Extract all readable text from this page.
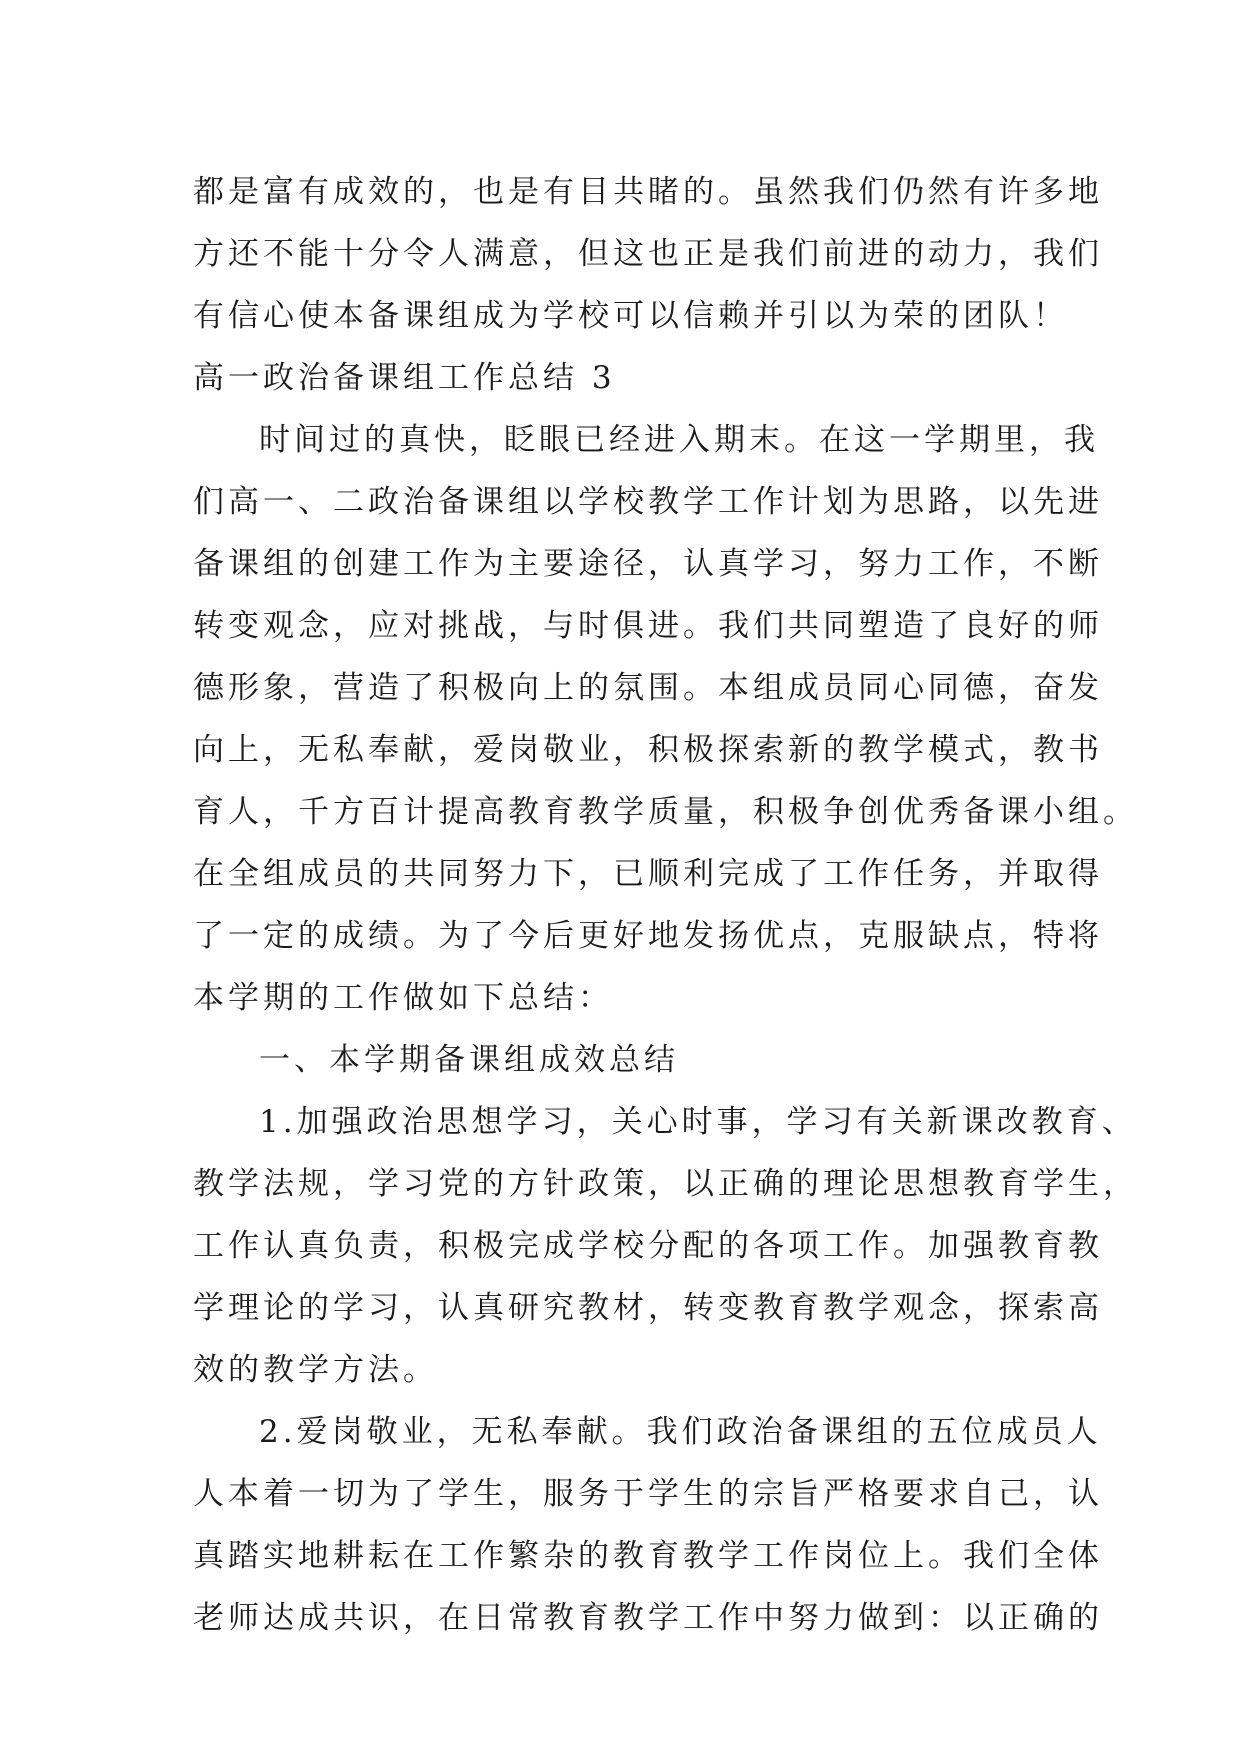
都是富有成效的，也是有目共睹的。虽然我们仍然有许多地
方还不能十分令人满意，但这也正是我们前进的动力，我们
有信心使本备课组成为学校可以信赖并引以为荣的团队！
高一政治备课组工作总结 3
时间过的真快，眨眼已经进入期末。在这一学期里，我
们高一、二政治备课组以学校教学工作计划为思路，以先进
备课组的创建工作为主要途径，认真学习，努力工作，不断
转变观念，应对挑战，与时俱进。我们共同塑造了良好的师
德形象，营造了积极向上的氛围。本组成员同心同德，奋发
向上，无私奉献，爱岗敬业，积极探索新的教学模式，教书
育人，千方百计提高教育教学质量，积极争创优秀备课小组。
在全组成员的共同努力下，已顺利完成了工作任务，并取得
了一定的成绩。为了今后更好地发扬优点，克服缺点，特将
本学期的工作做如下总结：
一、本学期备课组成效总结
1.加强政治思想学习，关心时事，学习有关新课改教育、
教学法规，学习党的方针政策，以正确的理论思想教育学生，
工作认真负责，积极完成学校分配的各项工作。加强教育教
学理论的学习，认真研究教材，转变教育教学观念，探索高
效的教学方法。
2.爱岗敬业，无私奉献。我们政治备课组的五位成员人
人本着一切为了学生，服务于学生的宗旨严格要求自己，认
真踏实地耕耘在工作繁杂的教育教学工作岗位上。我们全体
老师达成共识，在日常教育教学工作中努力做到：以正确的
